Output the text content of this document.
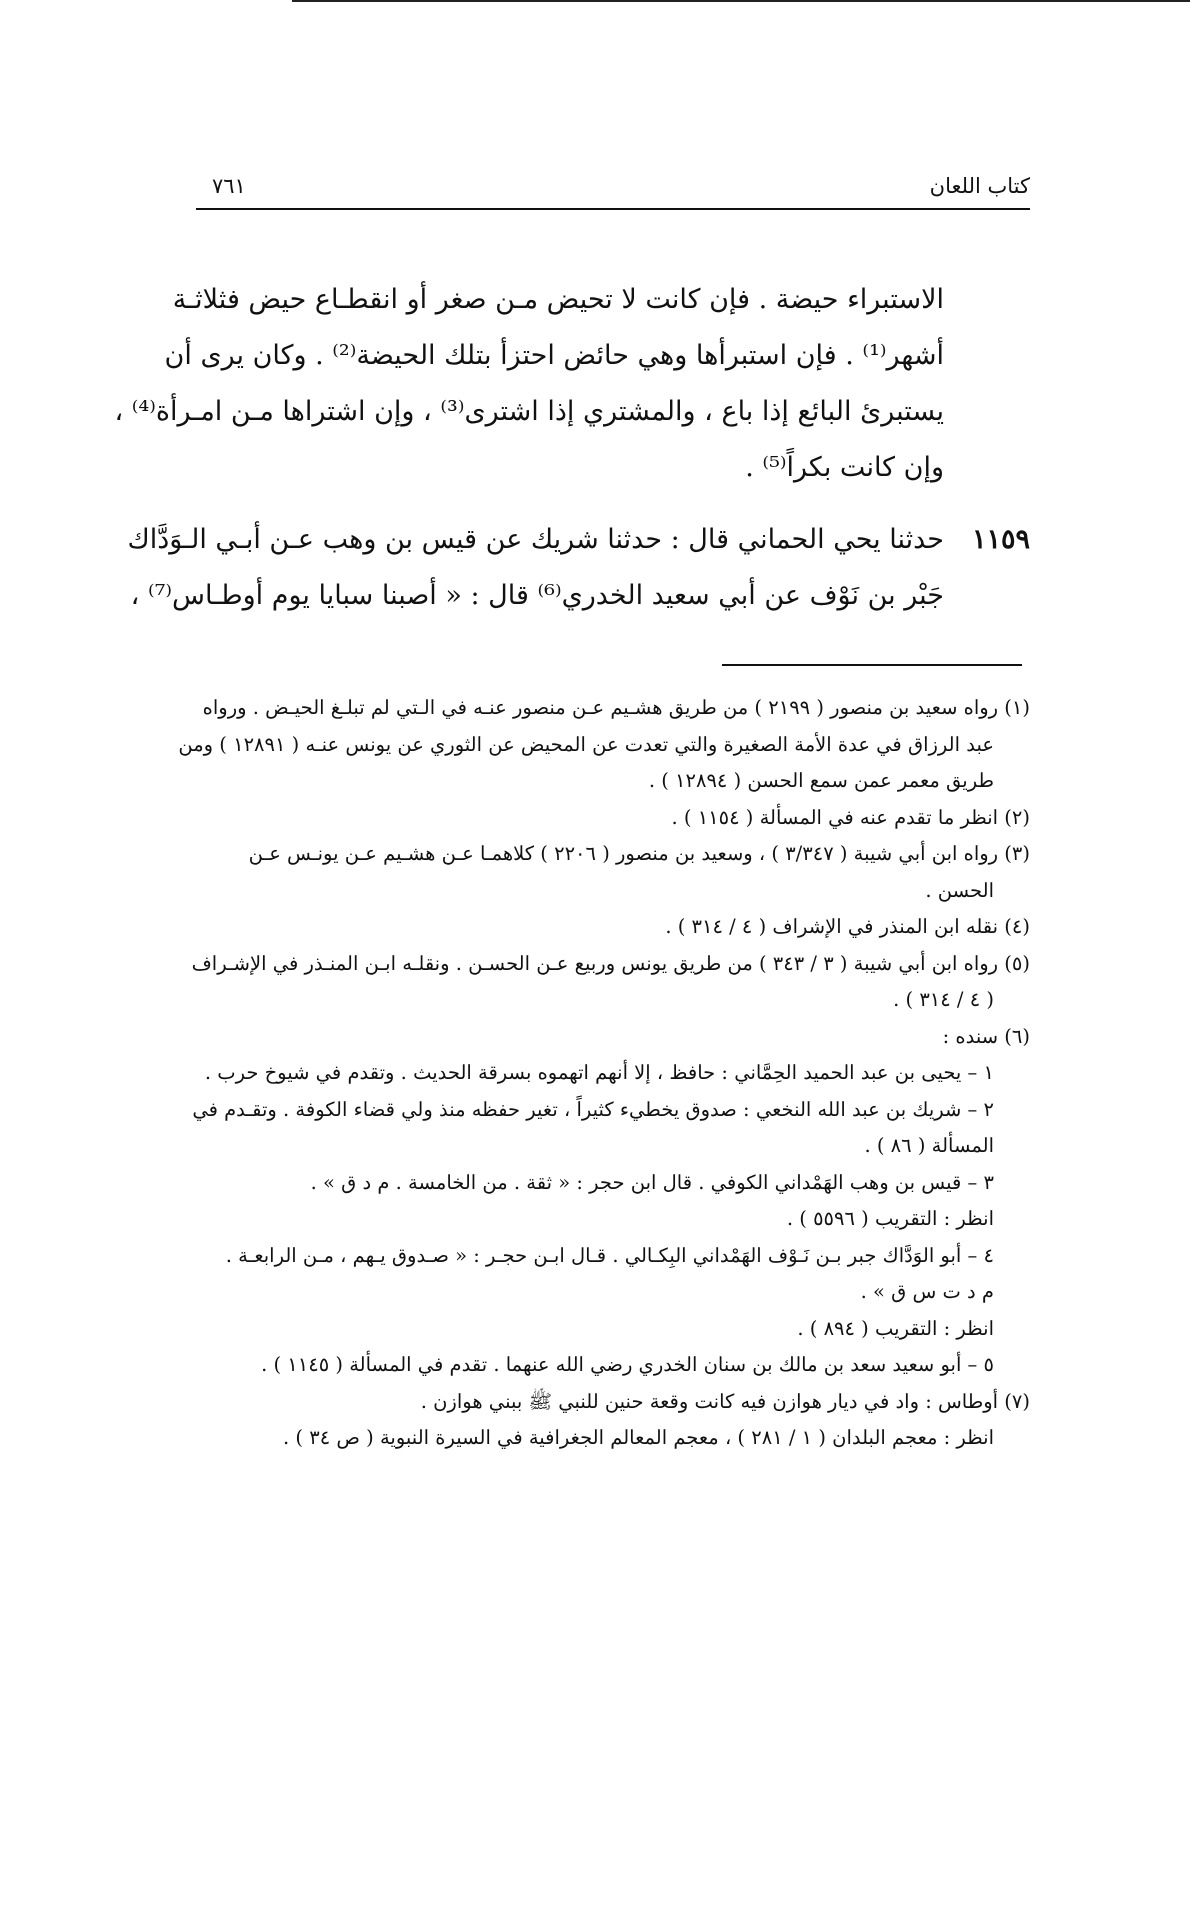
كتاب اللعان
٧٦١
الاستبراء حيضة . فإن كانت لا تحيض مـن صغر أو انقطـاع حيض فثلاثـة
أشهر⁽¹⁾ . فإن استبرأها وهي حائض احتزأ بتلك الحيضة⁽²⁾ . وكان يرى أن
يستبرئ البائع إذا باع ، والمشتري إذا اشترى⁽³⁾ ، وإن اشتراها مـن امـرأة⁽⁴⁾ ،
وإن كانت بكراً⁽⁵⁾ .
١١٥٩
حدثنا يحي الحماني قال : حدثنا شريك عن قيس بن وهب عـن أبـي الـوَدَّاك
جَبْر بن نَوْف عن أبي سعيد الخدري⁽⁶⁾ قال : « أصبنا سبايا يوم أوطـاس⁽⁷⁾ ،
(١) رواه سعيد بن منصور ( ٢١٩٩ ) من طريق هشـيم عـن منصور عنـه في الـتي لم تبلـغ الحيـض . ورواه
عبد الرزاق في عدة الأمة الصغيرة والتي تعدت عن المحيض عن الثوري عن يونس عنـه ( ١٢٨٩١ ) ومن
طريق معمر عمن سمع الحسن ( ١٢٨٩٤ ) .
(٢) انظر ما تقدم عنه في المسألة ( ١١٥٤ ) .
(٣) رواه ابن أبي شيبة ( ٣/٣٤٧ ) ، وسعيد بن منصور ( ٢٢٠٦ ) كلاهمـا عـن هشـيم عـن يونـس عـن
الحسن .
(٤) نقله ابن المنذر في الإشراف ( ٤ / ٣١٤ ) .
(٥) رواه ابن أبي شيبة ( ٣ / ٣٤٣ ) من طريق يونس وربيع عـن الحسـن . ونقلـه ابـن المنـذر في الإشـراف
( ٤ / ٣١٤ ) .
(٦) سنده :
١ – يحيى بن عبد الحميد الحِمَّاني : حافظ ، إلا أنهم اتهموه بسرقة الحديث . وتقدم في شيوخ حرب .
٢ – شريك بن عبد الله النخعي : صدوق يخطيء كثيراً ، تغير حفظه منذ ولي قضاء الكوفة . وتقـدم في
المسألة ( ٨٦ ) .
٣ – قيس بن وهب الهَمْداني الكوفي . قال ابن حجر : « ثقة . من الخامسة . م د ق » .
انظر : التقريب ( ٥٥٩٦ ) .
٤ – أبو الوَدَّاك جبر بـن نَـوْف الهَمْداني البِكـالي . قـال ابـن حجـر : « صـدوق يـهم ، مـن الرابعـة .
م د ت س ق » .
انظر : التقريب ( ٨٩٤ ) .
٥ – أبو سعيد سعد بن مالك بن سنان الخدري رضي الله عنهما . تقدم في المسألة ( ١١٤٥ ) .
(٧) أوطاس : واد في ديار هوازن فيه كانت وقعة حنين للنبي ﷺ ببني هوازن .
انظر : معجم البلدان ( ١ / ٢٨١ ) ، معجم المعالم الجغرافية في السيرة النبوية ( ص ٣٤ ) .
